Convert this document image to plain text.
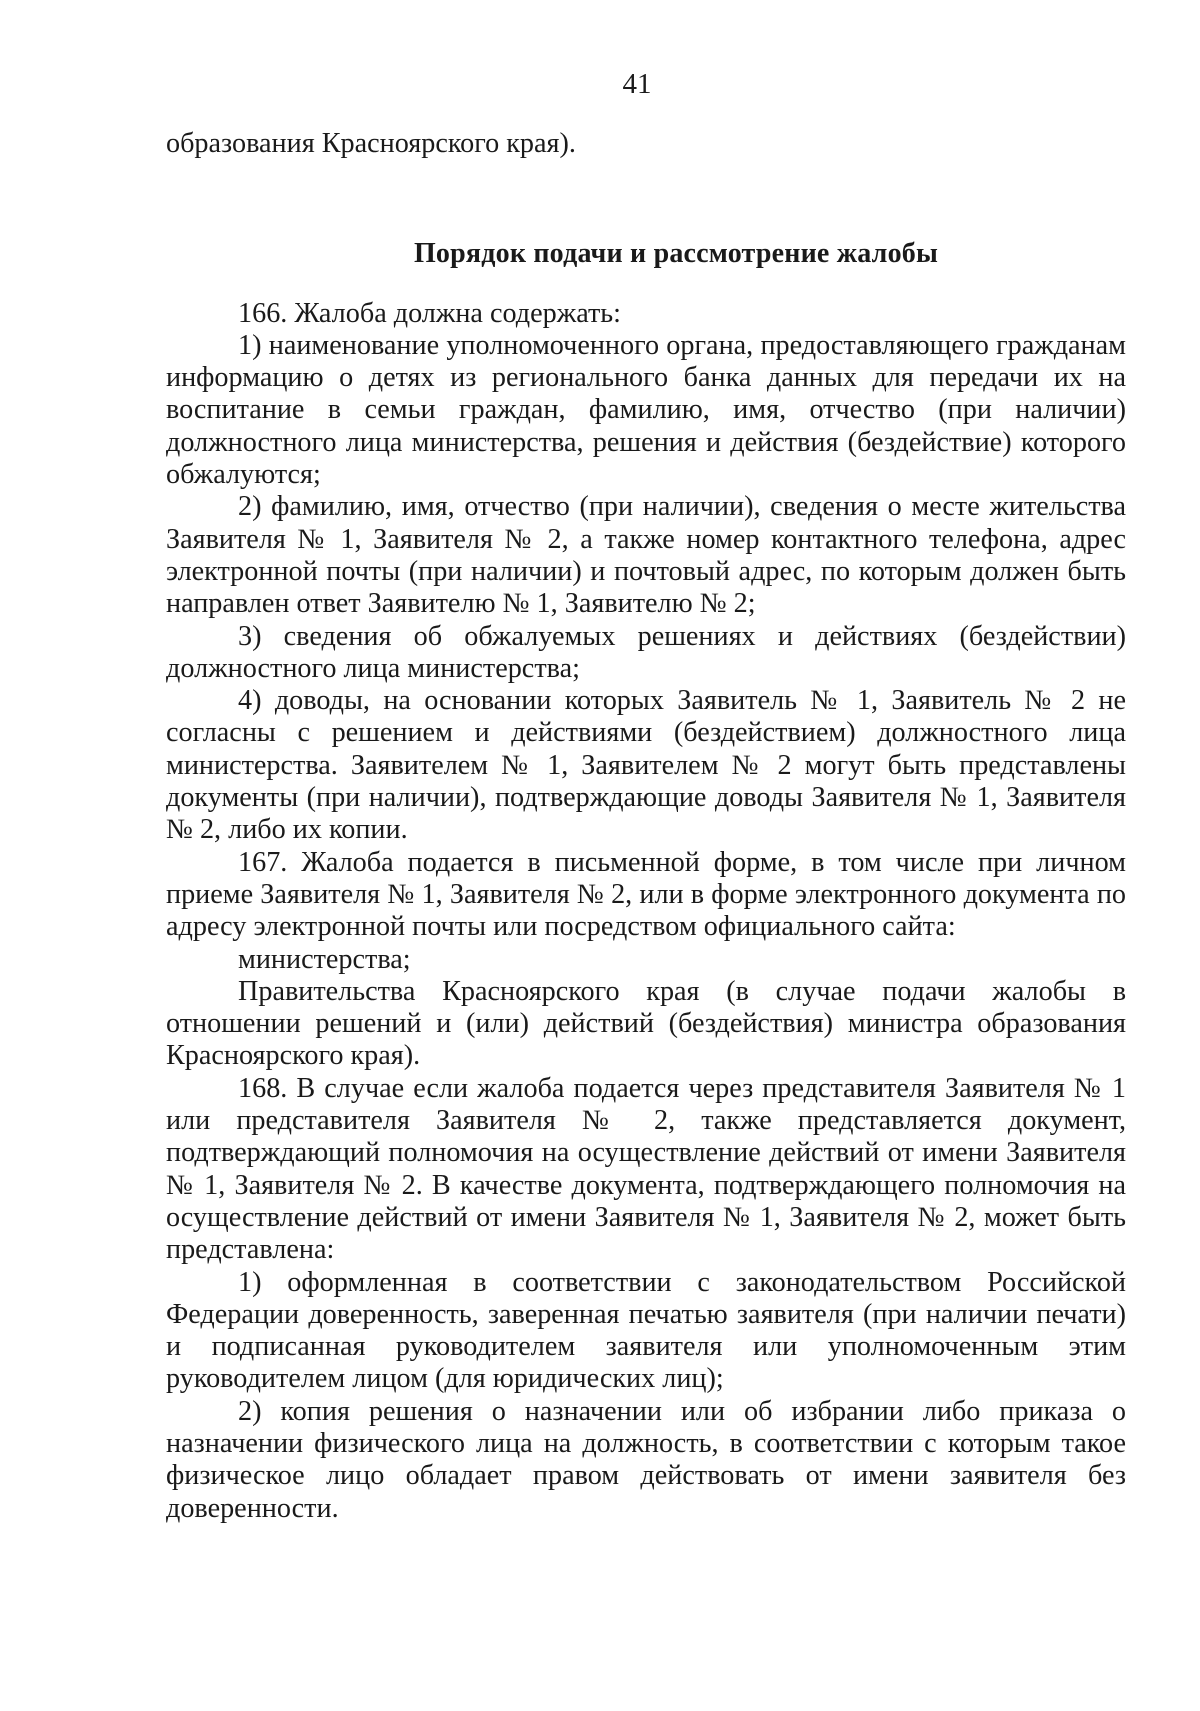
41

образования Красноярского края).

Порядок подачи и рассмотрение жалобы

166. Жалоба должна содержать:

1) наименование уполномоченного органа, предоставляющего гражданам информацию о детях из регионального банка данных для передачи их на воспитание в семьи граждан, фамилию, имя, отчество (при наличии) должностного лица министерства, решения и действия (бездействие) которого обжалуются;

2) фамилию, имя, отчество (при наличии), сведения о месте жительства Заявителя № 1, Заявителя № 2, а также номер контактного телефона, адрес электронной почты (при наличии) и почтовый адрес, по которым должен быть направлен ответ Заявителю № 1, Заявителю № 2;

3) сведения об обжалуемых решениях и действиях (бездействии) должностного лица министерства;

4) доводы, на основании которых Заявитель № 1, Заявитель № 2 не согласны с решением и действиями (бездействием) должностного лица министерства. Заявителем № 1, Заявителем № 2 могут быть представлены документы (при наличии), подтверждающие доводы Заявителя № 1, Заявителя № 2, либо их копии.

167. Жалоба подается в письменной форме, в том числе при личном приеме Заявителя № 1, Заявителя № 2, или в форме электронного документа по адресу электронной почты или посредством официального сайта:

министерства;

Правительства Красноярского края (в случае подачи жалобы в отношении решений и (или) действий (бездействия) министра образования Красноярского края).

168. В случае если жалоба подается через представителя Заявителя № 1 или представителя Заявителя № 2, также представляется документ, подтверждающий полномочия на осуществление действий от имени Заявителя № 1, Заявителя № 2. В качестве документа, подтверждающего полномочия на осуществление действий от имени Заявителя № 1, Заявителя № 2, может быть представлена:

1) оформленная в соответствии с законодательством Российской Федерации доверенность, заверенная печатью заявителя (при наличии печати) и подписанная руководителем заявителя или уполномоченным этим руководителем лицом (для юридических лиц);

2) копия решения о назначении или об избрании либо приказа о назначении физического лица на должность, в соответствии с которым такое физическое лицо обладает правом действовать от имени заявителя без доверенности.
